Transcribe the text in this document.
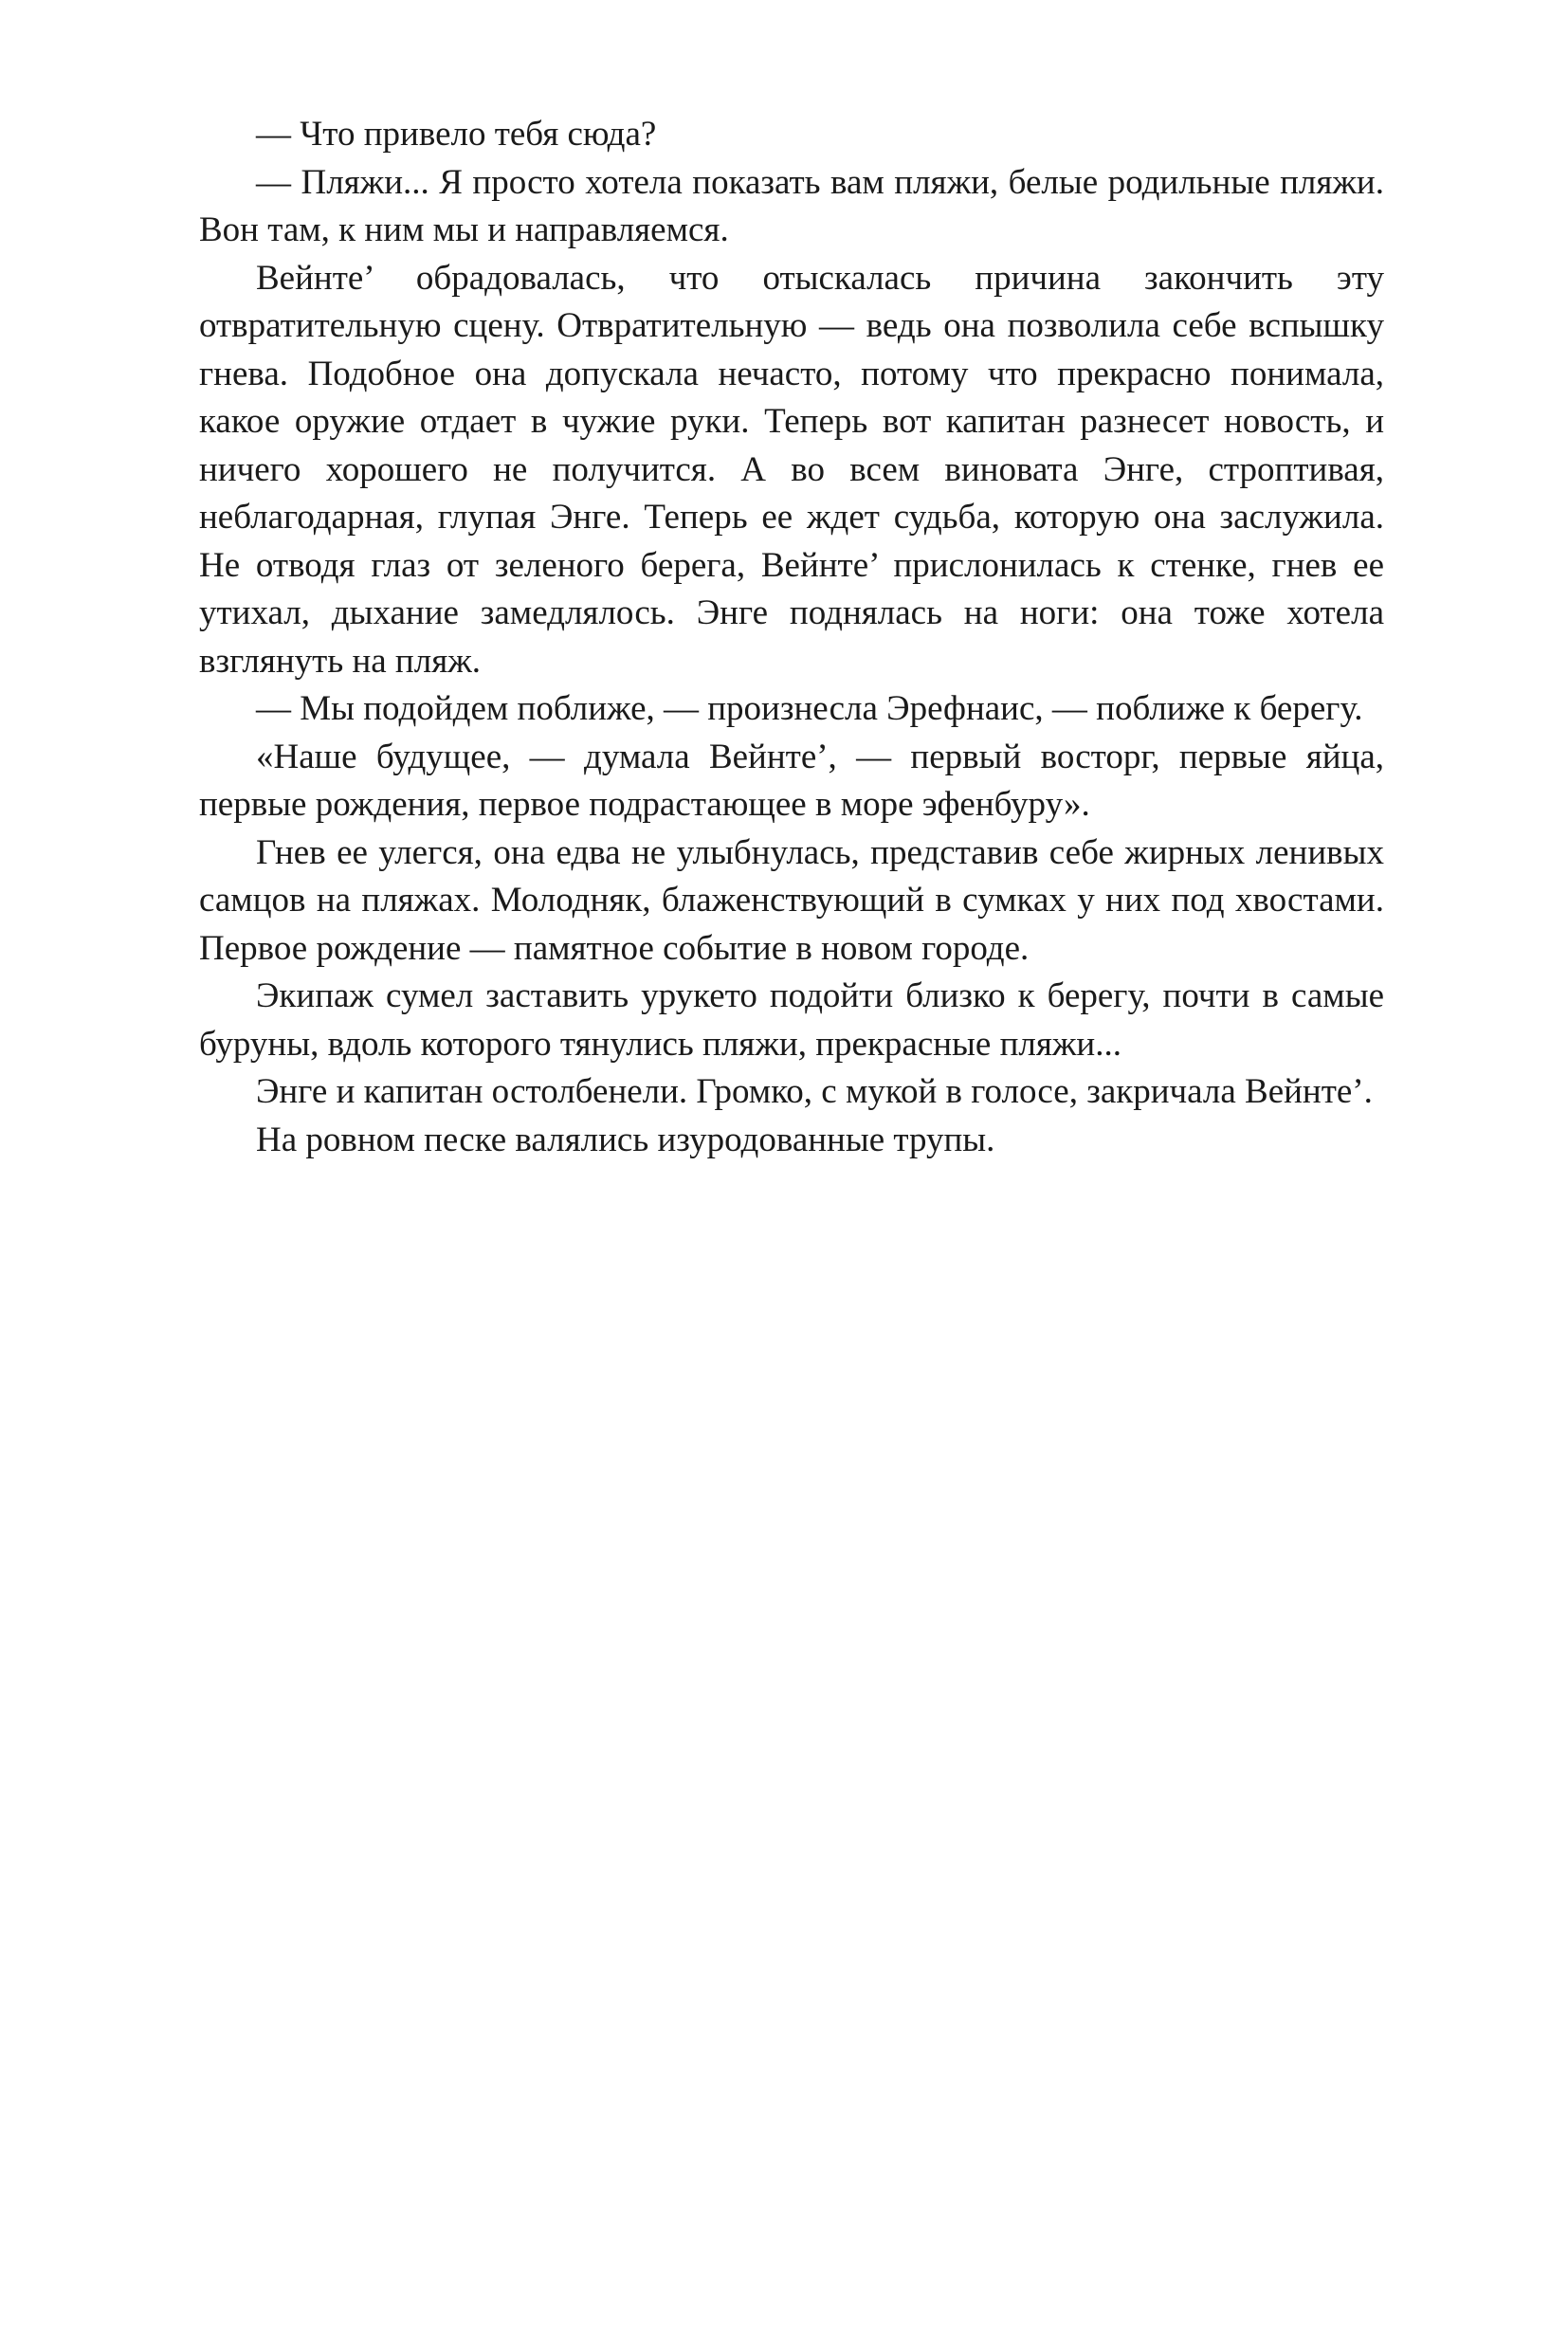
— Что привело тебя сюда?

— Пляжи... Я просто хотела показать вам пляжи, белые родильные пляжи. Вон там, к ним мы и направляемся.

Вейнте’ обрадовалась, что отыскалась причина закончить эту отвратительную сцену. Отвратительную — ведь она позволила себе вспышку гнева. Подобное она допускала нечасто, потому что прекрасно понимала, какое оружие отдает в чужие руки. Теперь вот капитан разнесет новость, и ничего хорошего не получится. А во всем виновата Энге, строптивая, неблагодарная, глупая Энге. Теперь ее ждет судьба, которую она заслужила. Не отводя глаз от зеленого берега, Вейнте’ прислонилась к стенке, гнев ее утихал, дыхание замедлялось. Энге поднялась на ноги: она тоже хотела взглянуть на пляж.

— Мы подойдем поближе, — произнесла Эрефнаис, — поближе к берегу.

«Наше будущее, — думала Вейнте’, — первый восторг, первые яйца, первые рождения, первое подрастающее в море эфенбуру».

Гнев ее улегся, она едва не улыбнулась, представив себе жирных ленивых самцов на пляжах. Молодняк, блаженствующий в сумках у них под хвостами. Первое рождение — памятное событие в новом городе.

Экипаж сумел заставить урукето подойти близко к берегу, почти в самые буруны, вдоль которого тянулись пляжи, прекрасные пляжи...

Энге и капитан остолбенели. Громко, с мукой в голосе, закричала Вейнте’.

На ровном песке валялись изуродованные трупы.
